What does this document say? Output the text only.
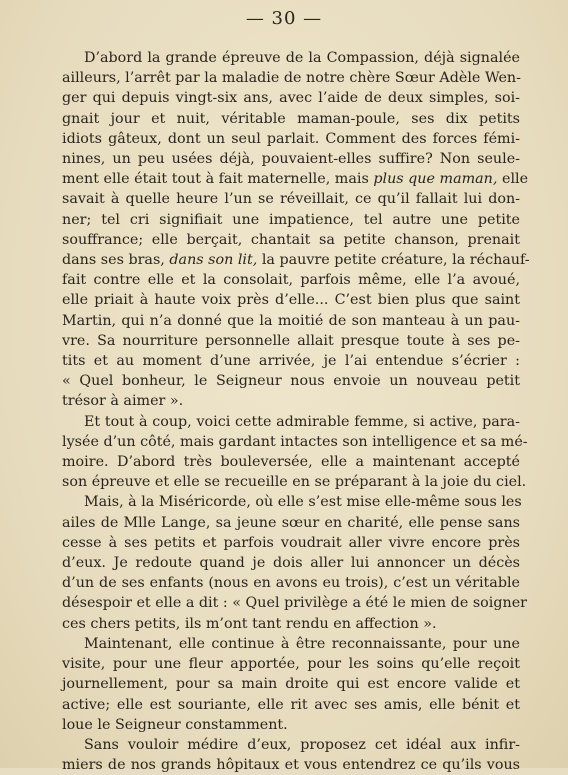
— 30 —
D’abord la grande épreuve de la Compassion, déjà signalée
ailleurs, l’arrêt par la maladie de notre chère Sœur Adèle Wen-
ger qui depuis vingt-six ans, avec l’aide de deux simples, soi-
gnait jour et nuit, véritable maman-poule, ses dix petits
idiots gâteux, dont un seul parlait. Comment des forces fémi-
nines, un peu usées déjà, pouvaient-elles suffire? Non seule-
ment elle était tout à fait maternelle, mais plus que maman, elle
savait à quelle heure l’un se réveillait, ce qu’il fallait lui don-
ner; tel cri signifiait une impatience, tel autre une petite
souffrance; elle berçait, chantait sa petite chanson, prenait
dans ses bras, dans son lit, la pauvre petite créature, la réchauf-
fait contre elle et la consolait, parfois même, elle l’a avoué,
elle priait à haute voix près d’elle... C’est bien plus que saint
Martin, qui n’a donné que la moitié de son manteau à un pau-
vre. Sa nourriture personnelle allait presque toute à ses pe-
tits et au moment d’une arrivée, je l’ai entendue s’écrier :
« Quel bonheur, le Seigneur nous envoie un nouveau petit
trésor à aimer ».
Et tout à coup, voici cette admirable femme, si active, para-
lysée d’un côté, mais gardant intactes son intelligence et sa mé-
moire. D’abord très bouleversée, elle a maintenant accepté
son épreuve et elle se recueille en se préparant à la joie du ciel.
Mais, à la Miséricorde, où elle s’est mise elle-même sous les
ailes de Mlle Lange, sa jeune sœur en charité, elle pense sans
cesse à ses petits et parfois voudrait aller vivre encore près
d’eux. Je redoute quand je dois aller lui annoncer un décès
d’un de ses enfants (nous en avons eu trois), c’est un véritable
désespoir et elle a dit : « Quel privilège a été le mien de soigner
ces chers petits, ils m’ont tant rendu en affection ».
Maintenant, elle continue à être reconnaissante, pour une
visite, pour une fleur apportée, pour les soins qu’elle reçoit
journellement, pour sa main droite qui est encore valide et
active; elle est souriante, elle rit avec ses amis, elle bénit et
loue le Seigneur constamment.
Sans vouloir médire d’eux, proposez cet idéal aux infir-
miers de nos grands hôpitaux et vous entendrez ce qu’ils vous
